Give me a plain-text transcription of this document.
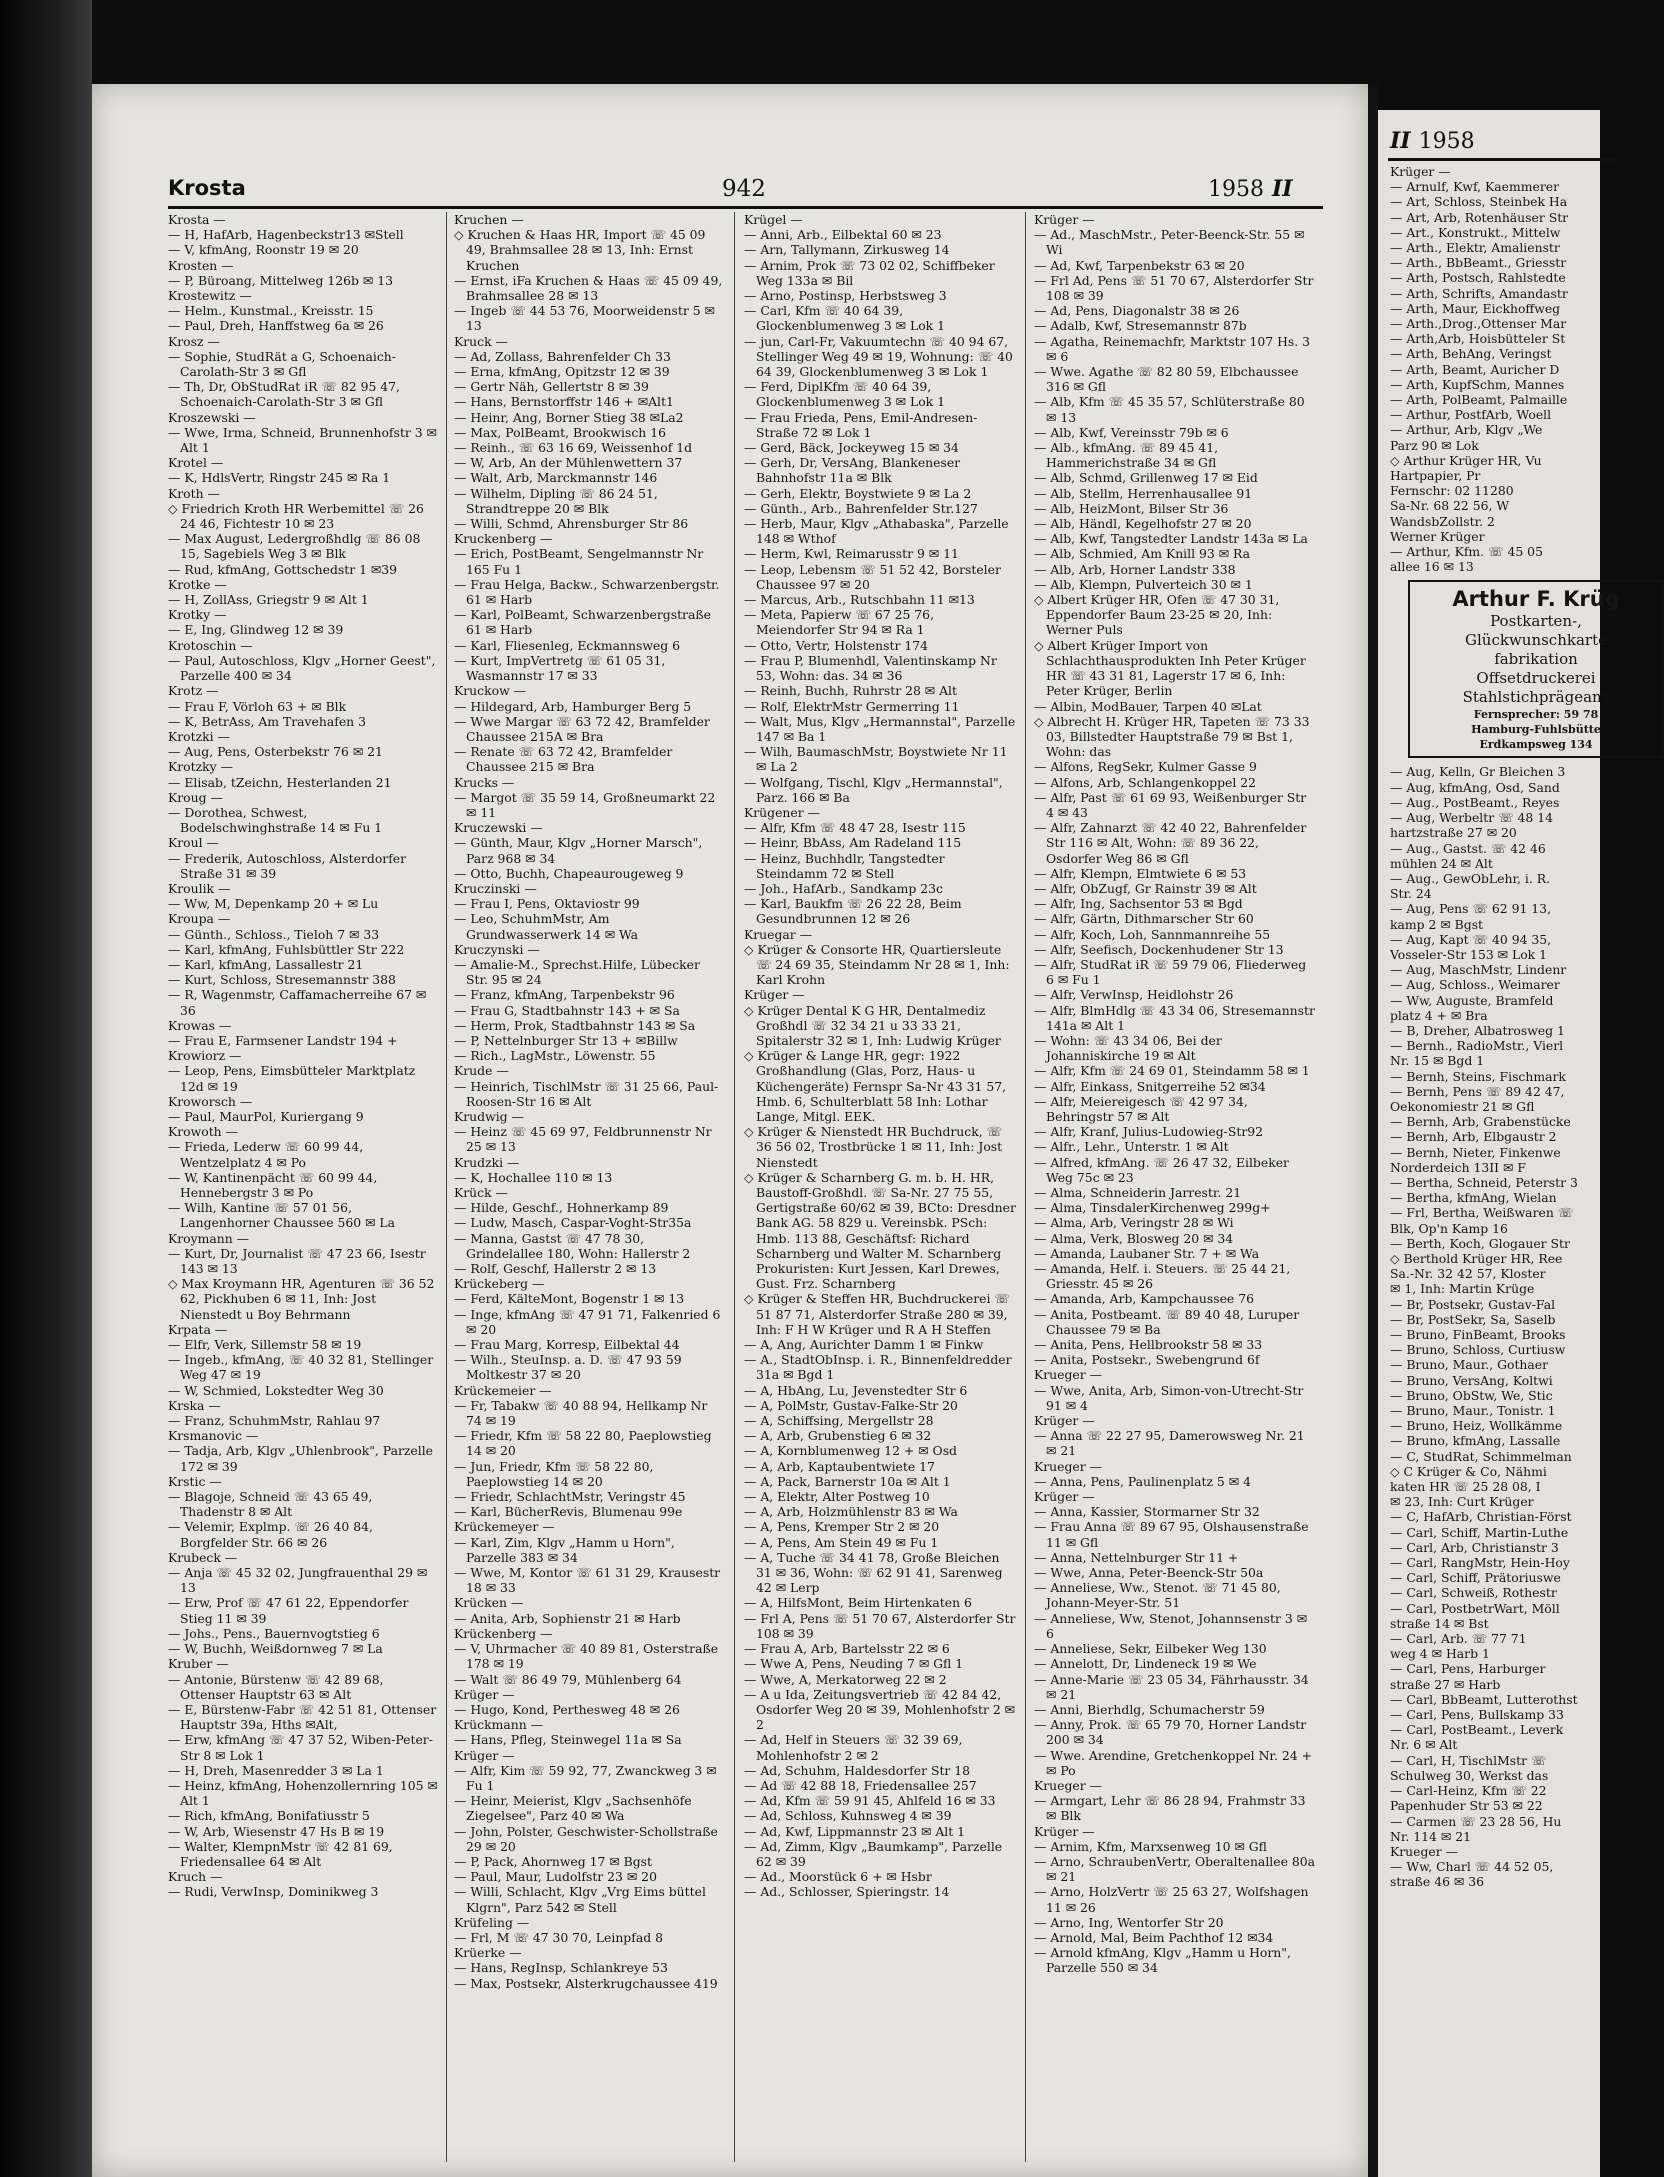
Krosta	942	1958 II

Krosta —

— H, HafArb, Hagenbeckstr13 ✉Stell

— V, kfmAng, Roonstr 19 ✉ 20

Krosten —

— P, Büroang, Mittelweg 126b ✉ 13

Krostewitz —

— Helm., Kunstmal., Kreisstr. 15

— Paul, Dreh, Hanffstweg 6a ✉ 26

Krosz —

— Sophie, StudRät a G, Schoenaich-Carolath-Str 3 ✉ Gfl

— Th, Dr, ObStudRat iR ☏ 82 95 47, Schoenaich-Carolath-Str 3 ✉ Gfl

Kroszewski —

— Wwe, Irma, Schneid, Brunnenhofstr 3 ✉ Alt 1

Krotel —

— K, HdlsVertr, Ringstr 245 ✉ Ra 1

Kroth —

◇ Friedrich Kroth HR Werbemittel ☏ 26 24 46, Fichtestr 10 ✉ 23

— Max August, Ledergroßhdlg ☏ 86 08 15, Sagebiels Weg 3 ✉ Blk

— Rud, kfmAng, Gottschedstr 1 ✉39

Krotke —

— H, ZollAss, Griegstr 9 ✉ Alt 1

Krotky —

— E, Ing, Glindweg 12 ✉ 39

Krotoschin —

— Paul, Autoschloss, Klgv „Horner Geest", Parzelle 400 ✉ 34

Krotz —

— Frau F, Vörloh 63 + ✉ Blk

— K, BetrAss, Am Travehafen 3

Krotzki —

— Aug, Pens, Osterbekstr 76 ✉ 21

Krotzky —

— Elisab, tZeichn, Hesterlanden 21

Kroug —

— Dorothea, Schwest, Bodelschwinghstraße 14 ✉ Fu 1

Kroul —

— Frederik, Autoschloss, Alsterdorfer Straße 31 ✉ 39

Kroulik —

— Ww, M, Depenkamp 20 + ✉ Lu

Kroupa —

— Günth., Schloss., Tieloh 7 ✉ 33

— Karl, kfmAng, Fuhlsbüttler Str 222

— Karl, kfmAng, Lassallestr 21

— Kurt, Schloss, Stresemannstr 388

— R, Wagenmstr, Caffamacherreihe 67 ✉ 36

Krowas —

— Frau E, Farmsener Landstr 194 +

Krowiorz —

— Leop, Pens, Eimsbütteler Marktplatz 12d ✉ 19

Kroworsch —

— Paul, MaurPol, Kuriergang 9

Krowoth —

— Frieda, Lederw ☏ 60 99 44, Wentzelplatz 4 ✉ Po

— W, Kantinenpächt ☏ 60 99 44, Hennebergstr 3 ✉ Po

— Wilh, Kantine ☏ 57 01 56, Langenhorner Chaussee 560 ✉ La

Kroymann —

— Kurt, Dr, Journalist ☏ 47 23 66, Isestr 143 ✉ 13

◇ Max Kroymann HR, Agenturen ☏ 36 52 62, Pickhuben 6 ✉ 11, Inh: Jost Nienstedt u Boy Behrmann

Krpata —

— Elfr, Verk, Sillemstr 58 ✉ 19

— Ingeb., kfmAng, ☏ 40 32 81, Stellinger Weg 47 ✉ 19

— W, Schmied, Lokstedter Weg 30

Krska —

— Franz, SchuhmMstr, Rahlau 97

Krsmanovic —

— Tadja, Arb, Klgv „Uhlenbrook", Parzelle 172 ✉ 39

Krstic —

— Blagoje, Schneid ☏ 43 65 49, Thadenstr 8 ✉ Alt

— Velemir, Explmp. ☏ 26 40 84, Borgfelder Str. 66 ✉ 26

Krubeck —

— Anja ☏ 45 32 02, Jungfrauenthal 29 ✉ 13

— Erw, Prof ☏ 47 61 22, Eppendorfer Stieg 11 ✉ 39

— Johs., Pens., Bauernvogtstieg 6

— W, Buchh, Weißdornweg 7 ✉ La

Kruber —

— Antonie, Bürstenw ☏ 42 89 68, Ottenser Hauptstr 63 ✉ Alt

— E, Bürstenw-Fabr ☏ 42 51 81, Ottenser Hauptstr 39a, Hths ✉Alt,

— Erw, kfmAng ☏ 47 37 52, Wiben-Peter-Str 8 ✉ Lok 1

— H, Dreh, Masenredder 3 ✉ La 1

— Heinz, kfmAng, Hohenzollernring 105 ✉ Alt 1

— Rich, kfmAng, Bonifatiusstr 5

— W, Arb, Wiesenstr 47 Hs B ✉ 19

— Walter, KlempnMstr ☏ 42 81 69, Friedensallee 64 ✉ Alt

Kruch —

— Rudi, VerwInsp, Dominikweg 3

Kruchen —

◇ Kruchen & Haas HR, Import ☏ 45 09 49, Brahmsallee 28 ✉ 13, Inh: Ernst Kruchen

— Ernst, iFa Kruchen & Haas ☏ 45 09 49, Brahmsallee 28 ✉ 13

— Ingeb ☏ 44 53 76, Moorweidenstr 5 ✉ 13

Kruck —

— Ad, Zollass, Bahrenfelder Ch 33

— Erna, kfmAng, Opitzstr 12 ✉ 39

— Gertr Näh, Gellertstr 8 ✉ 39

— Hans, Bernstorffstr 146 + ✉Alt1

— Heinr, Ang, Borner Stieg 38 ✉La2

— Max, PolBeamt, Brookwisch 16

— Reinh., ☏ 63 16 69, Weissenhof 1d

— W, Arb, An der Mühlenwettern 37

— Walt, Arb, Marckmannstr 146

— Wilhelm, Dipling ☏ 86 24 51, Strandtreppe 20 ✉ Blk

— Willi, Schmd, Ahrensburger Str 86

Kruckenberg —

— Erich, PostBeamt, Sengelmannstr Nr 165 Fu 1

— Frau Helga, Backw., Schwarzenbergstr. 61 ✉ Harb

— Karl, PolBeamt, Schwarzenbergstraße 61 ✉ Harb

— Karl, Fliesenleg, Eckmannsweg 6

— Kurt, ImpVertretg ☏ 61 05 31, Wasmannstr 17 ✉ 33

Kruckow —

— Hildegard, Arb, Hamburger Berg 5

— Wwe Margar ☏ 63 72 42, Bramfelder Chaussee 215A ✉ Bra

— Renate ☏ 63 72 42, Bramfelder Chaussee 215 ✉ Bra

Krucks —

— Margot ☏ 35 59 14, Großneumarkt 22 ✉ 11

Kruczewski —

— Günth, Maur, Klgv „Horner Marsch", Parz 968 ✉ 34

— Otto, Buchh, Chapeaurougeweg 9

Kruczinski —

— Frau I, Pens, Oktaviostr 99

— Leo, SchuhmMstr, Am Grundwasserwerk 14 ✉ Wa

Kruczynski —

— Amalie-M., Sprechst.Hilfe, Lübecker Str. 95 ✉ 24

— Franz, kfmAng, Tarpenbekstr 96

— Frau G, Stadtbahnstr 143 + ✉ Sa

— Herm, Prok, Stadtbahnstr 143 ✉ Sa

— P, Nettelnburger Str 13 + ✉Billw

— Rich., LagMstr., Löwenstr. 55

Krude —

— Heinrich, TischlMstr ☏ 31 25 66, Paul-Roosen-Str 16 ✉ Alt

Krudwig —

— Heinz ☏ 45 69 97, Feldbrunnenstr Nr 25 ✉ 13

Krudzki —

— K, Hochallee 110 ✉ 13

Krück —

— Hilde, Geschf., Hohnerkamp 89

— Ludw, Masch, Caspar-Voght-Str35a

— Manna, Gastst ☏ 47 78 30, Grindelallee 180, Wohn: Hallerstr 2

— Rolf, Geschf, Hallerstr 2 ✉ 13

Krückeberg —

— Ferd, KälteMont, Bogenstr 1 ✉ 13

— Inge, kfmAng ☏ 47 91 71, Falkenried 6 ✉ 20

— Frau Marg, Korresp, Eilbektal 44

— Wilh., SteuInsp. a. D. ☏ 47 93 59 Moltkestr 37 ✉ 20

Krückemeier —

— Fr, Tabakw ☏ 40 88 94, Hellkamp Nr 74 ✉ 19

— Friedr, Kfm ☏ 58 22 80, Paeplowstieg 14 ✉ 20

— Jun, Friedr, Kfm ☏ 58 22 80, Paeplowstieg 14 ✉ 20

— Friedr, SchlachtMstr, Veringstr 45

— Karl, BücherRevis, Blumenau 99e

Krückemeyer —

— Karl, Zim, Klgv „Hamm u Horn", Parzelle 383 ✉ 34

— Wwe, M, Kontor ☏ 61 31 29, Krausestr 18 ✉ 33

Krücken —

— Anita, Arb, Sophienstr 21 ✉ Harb

Krückenberg —

— V, Uhrmacher ☏ 40 89 81, Osterstraße 178 ✉ 19

— Walt ☏ 86 49 79, Mühlenberg 64

Krüger —

— Hugo, Kond, Perthesweg 48 ✉ 26

Krückmann —

— Hans, Pfleg, Steinwegel 11a ✉ Sa

Krüger —

— Alfr, Kim ☏ 59 92, 77, Zwanckweg 3 ✉ Fu 1

— Heinr, Meierist, Klgv „Sachsenhöfe Ziegelsee", Parz 40 ✉ Wa

— John, Polster, Geschwister-Schollstraße 29 ✉ 20

— P, Pack, Ahornweg 17 ✉ Bgst

— Paul, Maur, Ludolfstr 23 ✉ 20

— Willi, Schlacht, Klgv „Vrg Eims büttel Klgrn", Parz 542 ✉ Stell

Krüfeling —

— Frl, M ☏ 47 30 70, Leinpfad 8

Krüerke —

— Hans, RegInsp, Schlankreye 53

— Max, Postsekr, Alsterkrugchaussee 419

Krügel —

— Anni, Arb., Eilbektal 60 ✉ 23

— Arn, Tallymann, Zirkusweg 14

— Arnim, Prok ☏ 73 02 02, Schiffbeker Weg 133a ✉ Bil

— Arno, Postinsp, Herbstsweg 3

— Carl, Kfm ☏ 40 64 39, Glockenblumenweg 3 ✉ Lok 1

— jun, Carl-Fr, Vakuumtechn ☏ 40 94 67, Stellinger Weg 49 ✉ 19, Wohnung: ☏ 40 64 39, Glockenblumenweg 3 ✉ Lok 1

— Ferd, DiplKfm ☏ 40 64 39, Glockenblumenweg 3 ✉ Lok 1

— Frau Frieda, Pens, Emil-Andresen-Straße 72 ✉ Lok 1

— Gerd, Bäck, Jockeyweg 15 ✉ 34

— Gerh, Dr, VersAng, Blankeneser Bahnhofstr 11a ✉ Blk

— Gerh, Elektr, Boystwiete 9 ✉ La 2

— Günth., Arb., Bahrenfelder Str.127

— Herb, Maur, Klgv „Athabaska", Parzelle 148 ✉ Wthof

— Herm, Kwl, Reimarusstr 9 ✉ 11

— Leop, Lebensm ☏ 51 52 42, Borsteler Chaussee 97 ✉ 20

— Marcus, Arb., Rutschbahn 11 ✉13

— Meta, Papierw ☏ 67 25 76, Meiendorfer Str 94 ✉ Ra 1

— Otto, Vertr, Holstenstr 174

— Frau P, Blumenhdl, Valentinskamp Nr 53, Wohn: das. 34 ✉ 36

— Reinh, Buchh, Ruhrstr 28 ✉ Alt

— Rolf, ElektrMstr Germerring 11

— Walt, Mus, Klgv „Hermannstal", Parzelle 147 ✉ Ba 1

— Wilh, BaumaschMstr, Boystwiete Nr 11 ✉ La 2

— Wolfgang, Tischl, Klgv „Hermannstal", Parz. 166 ✉ Ba

Krügener —

— Alfr, Kfm ☏ 48 47 28, Isestr 115

— Heinr, BbAss, Am Radeland 115

— Heinz, Buchhdlr, Tangstedter Steindamm 72 ✉ Stell

— Joh., HafArb., Sandkamp 23c

— Karl, Baukfm ☏ 26 22 28, Beim Gesundbrunnen 12 ✉ 26

Kruegar —

◇ Krüger & Consorte HR, Quartiersleute ☏ 24 69 35, Steindamm Nr 28 ✉ 1, Inh: Karl Krohn

Krüger —

◇ Krüger Dental K G HR, Dentalmediz Großhdl ☏ 32 34 21 u 33 33 21, Spitalerstr 32 ✉ 1, Inh: Ludwig Krüger

◇ Krüger & Lange HR, gegr: 1922 Großhandlung (Glas, Porz, Haus- u Küchengeräte) Fernspr Sa-Nr 43 31 57, Hmb. 6, Schulterblatt 58 Inh: Lothar Lange, Mitgl. EEK.

◇ Krüger & Nienstedt HR Buchdruck, ☏ 36 56 02, Trostbrücke 1 ✉ 11, Inh: Jost Nienstedt

◇ Krüger & Scharnberg G. m. b. H. HR, Baustoff-Großhdl. ☏ Sa-Nr. 27 75 55, Gertigstraße 60/62 ✉ 39, BCto: Dresdner Bank AG. 58 829 u. Vereinsbk. PSch: Hmb. 113 88, Geschäftsf: Richard Scharnberg und Walter M. Scharnberg Prokuristen: Kurt Jessen, Karl Drewes, Gust. Frz. Scharnberg

◇ Krüger & Steffen HR, Buchdruckerei ☏ 51 87 71, Alsterdorfer Straße 280 ✉ 39, Inh: F H W Krüger und R A H Steffen

— A, Ang, Aurichter Damm 1 ✉ Finkw

— A., StadtObInsp. i. R., Binnenfeldredder 31a ✉ Bgd 1

— A, HbAng, Lu, Jevenstedter Str 6

— A, PolMstr, Gustav-Falke-Str 20

— A, Schiffsing, Mergellstr 28

— A, Arb, Grubenstieg 6 ✉ 32

— A, Kornblumenweg 12 + ✉ Osd

— A, Arb, Kaptaubentwiete 17

— A, Pack, Barnerstr 10a ✉ Alt 1

— A, Elektr, Alter Postweg 10

— A, Arb, Holzmühlenstr 83 ✉ Wa

— A, Pens, Kremper Str 2 ✉ 20

— A, Pens, Am Stein 49 ✉ Fu 1

— A, Tuche ☏ 34 41 78, Große Bleichen 31 ✉ 36, Wohn: ☏ 62 91 41, Sarenweg 42 ✉ Lerp

— A, HilfsMont, Beim Hirtenkaten 6

— Frl A, Pens ☏ 51 70 67, Alsterdorfer Str 108 ✉ 39

— Frau A, Arb, Bartelsstr 22 ✉ 6

— Wwe A, Pens, Neuding 7 ✉ Gfl 1

— Wwe, A, Merkatorweg 22 ✉ 2

— A u Ida, Zeitungsvertrieb ☏ 42 84 42, Osdorfer Weg 20 ✉ 39, Mohlenhofstr 2 ✉ 2

— Ad, Helf in Steuers ☏ 32 39 69, Mohlenhofstr 2 ✉ 2

— Ad, Schuhm, Haldesdorfer Str 18

— Ad ☏ 42 88 18, Friedensallee 257

— Ad, Kfm ☏ 59 91 45, Ahlfeld 16 ✉ 33

— Ad, Schloss, Kuhnsweg 4 ✉ 39

— Ad, Kwf, Lippmannstr 23 ✉ Alt 1

— Ad, Zimm, Klgv „Baumkamp", Parzelle 62 ✉ 39

— Ad., Moorstück 6 + ✉ Hsbr

— Ad., Schlosser, Spieringstr. 14

Krüger —

— Ad., MaschMstr., Peter-Beenck-Str. 55 ✉ Wi

— Ad, Kwf, Tarpenbekstr 63 ✉ 20

— Frl Ad, Pens ☏ 51 70 67, Alsterdorfer Str 108 ✉ 39

— Ad, Pens, Diagonalstr 38 ✉ 26

— Adalb, Kwf, Stresemannstr 87b

— Agatha, Reinemachfr, Marktstr 107 Hs. 3 ✉ 6

— Wwe. Agathe ☏ 82 80 59, Elbchaussee 316 ✉ Gfl

— Alb, Kfm ☏ 45 35 57, Schlüterstraße 80 ✉ 13

— Alb, Kwf, Vereinsstr 79b ✉ 6

— Alb., kfmAng. ☏ 89 45 41, Hammerichstraße 34 ✉ Gfl

— Alb, Schmd, Grillenweg 17 ✉ Eid

— Alb, Stellm, Herrenhausallee 91

— Alb, HeizMont, Bilser Str 36

— Alb, Händl, Kegelhofstr 27 ✉ 20

— Alb, Kwf, Tangstedter Landstr 143a ✉ La

— Alb, Schmied, Am Knill 93 ✉ Ra

— Alb, Arb, Horner Landstr 338

— Alb, Klempn, Pulverteich 30 ✉ 1

◇ Albert Krüger HR, Ofen ☏ 47 30 31, Eppendorfer Baum 23-25 ✉ 20, Inh: Werner Puls

◇ Albert Krüger Import von Schlachthausprodukten Inh Peter Krüger HR ☏ 43 31 81, Lagerstr 17 ✉ 6, Inh: Peter Krüger, Berlin

— Albin, ModBauer, Tarpen 40 ✉Lat

◇ Albrecht H. Krüger HR, Tapeten ☏ 73 33 03, Billstedter Hauptstraße 79 ✉ Bst 1, Wohn: das

— Alfons, RegSekr, Kulmer Gasse 9

— Alfons, Arb, Schlangenkoppel 22

— Alfr, Past ☏ 61 69 93, Weißenburger Str 4 ✉ 43

— Alfr, Zahnarzt ☏ 42 40 22, Bahrenfelder Str 116 ✉ Alt, Wohn: ☏ 89 36 22, Osdorfer Weg 86 ✉ Gfl

— Alfr, Klempn, Elmtwiete 6 ✉ 53

— Alfr, ObZugf, Gr Rainstr 39 ✉ Alt

— Alfr, Ing, Sachsentor 53 ✉ Bgd

— Alfr, Gärtn, Dithmarscher Str 60

— Alfr, Koch, Loh, Sannmannreihe 55

— Alfr, Seefisch, Dockenhudener Str 13

— Alfr, StudRat iR ☏ 59 79 06, Fliederweg 6 ✉ Fu 1

— Alfr, VerwInsp, Heidlohstr 26

— Alfr, BlmHdlg ☏ 43 34 06, Stresemannstr 141a ✉ Alt 1

— Wohn: ☏ 43 34 06, Bei der Johanniskirche 19 ✉ Alt

— Alfr, Kfm ☏ 24 69 01, Steindamm 58 ✉ 1

— Alfr, Einkass, Snitgerreihe 52 ✉34

— Alfr, Meiereigesch ☏ 42 97 34, Behringstr 57 ✉ Alt

— Alfr, Kranf, Julius-Ludowieg-Str92

— Alfr., Lehr., Unterstr. 1 ✉ Alt

— Alfred, kfmAng. ☏ 26 47 32, Eilbeker Weg 75c ✉ 23

— Alma, Schneiderin Jarrestr. 21

— Alma, TinsdalerKirchenweg 299g+

— Alma, Arb, Veringstr 28 ✉ Wi

— Alma, Verk, Blosweg 20 ✉ 34

— Amanda, Laubaner Str. 7 + ✉ Wa

— Amanda, Helf. i. Steuers. ☏ 25 44 21, Griesstr. 45 ✉ 26

— Amanda, Arb, Kampchaussee 76

— Anita, Postbeamt. ☏ 89 40 48, Luruper Chaussee 79 ✉ Ba

— Anita, Pens, Hellbrookstr 58 ✉ 33

— Anita, Postsekr., Swebengrund 6f

Krueger —

— Wwe, Anita, Arb, Simon-von-Utrecht-Str 91 ✉ 4

Krüger —

— Anna ☏ 22 27 95, Damerowsweg Nr. 21 ✉ 21

Krueger —

— Anna, Pens, Paulinenplatz 5 ✉ 4

Krüger —

— Anna, Kassier, Stormarner Str 32

— Frau Anna ☏ 89 67 95, Olshausenstraße 11 ✉ Gfl

— Anna, Nettelnburger Str 11 +

— Wwe, Anna, Peter-Beenck-Str 50a

— Anneliese, Ww., Stenot. ☏ 71 45 80, Johann-Meyer-Str. 51

— Anneliese, Ww, Stenot, Johannsenstr 3 ✉ 6

— Anneliese, Sekr, Eilbeker Weg 130

— Annelott, Dr, Lindeneck 19 ✉ We

— Anne-Marie ☏ 23 05 34, Fährhausstr. 34 ✉ 21

— Anni, Bierhdlg, Schumacherstr 59

— Anny, Prok. ☏ 65 79 70, Horner Landstr 200 ✉ 34

— Wwe. Arendine, Gretchenkoppel Nr. 24 + ✉ Po

Krueger —

— Armgart, Lehr ☏ 86 28 94, Frahmstr 33 ✉ Blk

Krüger —

— Arnim, Kfm, Marxsenweg 10 ✉ Gfl

— Arno, SchraubenVertr, Oberaltenallee 80a ✉ 21

— Arno, HolzVertr ☏ 25 63 27, Wolfshagen 11 ✉ 26

— Arno, Ing, Wentorfer Str 20

— Arnold, Mal, Beim Pachthof 12 ✉34

— Arnold kfmAng, Klgv „Hamm u Horn", Parzelle 550 ✉ 34

II 1958
Krüger —
— Arnulf, Kwf, Kaemmerer
— Art, Schloss, Steinbek Ha
— Art, Arb, Rotenhäuser Str
— Art., Konstrukt., Mittelw
— Arth., Elektr, Amalienstr
— Arth., BbBeamt., Griesstr
— Arth, Postsch, Rahlstedte
— Arth, Schrifts, Amandastr
— Arth, Maur, Eickhoffweg
— Arth.,Drog.,Ottenser Mar
— Arth,Arb, Hoisbütteler St
— Arth, BehAng, Veringst
— Arth, Beamt, Auricher D
— Arth, KupfSchm, Mannes
— Arth, PolBeamt, Palmaille
— Arthur, PostfArb, Woell
— Arthur, Arb, Klgv „We
Parz 90 ✉ Lok
◇ Arthur Krüger HR, Vu
Hartpapier, Pr
Fernschr: 02 11280
Sa-Nr. 68 22 56, W
WandsbZollstr. 2
Werner Krüger
— Arthur, Kfm. ☏ 45 05
allee 16 ✉ 13
Arthur F. Krüg
Postkarten-,
Glückwunschkarte
fabrikation
Offsetdruckerei
Stahlstichprägeans
Fernsprecher: 59 78
Hamburg-Fuhlsbütte
Erdkampsweg 134
— Aug, Kelln, Gr Bleichen 3
— Aug, kfmAng, Osd, Sand
— Aug., PostBeamt., Reyes
— Aug, Werbeltr ☏ 48 14
hartzstraße 27 ✉ 20
— Aug., Gastst. ☏ 42 46
mühlen 24 ✉ Alt
— Aug., GewObLehr, i. R.
Str. 24
— Aug, Pens ☏ 62 91 13,
kamp 2 ✉ Bgst
— Aug, Kapt ☏ 40 94 35,
Vosseler-Str 153 ✉ Lok 1
— Aug, MaschMstr, Lindenr
— Aug, Schloss., Weimarer
— Ww, Auguste, Bramfeld
platz 4 + ✉ Bra
— B, Dreher, Albatrosweg 1
— Bernh., RadioMstr., Vierl
Nr. 15 ✉ Bgd 1
— Bernh, Steins, Fischmark
— Bernh, Pens ☏ 89 42 47,
Oekonomiestr 21 ✉ Gfl
— Bernh, Arb, Grabenstücke
— Bernh, Arb, Elbgaustr 2
— Bernh, Nieter, Finkenwe
Norderdeich 13II ✉ F
— Bertha, Schneid, Peterstr 3
— Bertha, kfmAng, Wielan
— Frl, Bertha, Weißwaren ☏
Blk, Op'n Kamp 16
— Berth, Koch, Glogauer Str
◇ Berthold Krüger HR, Ree
Sa.-Nr. 32 42 57, Kloster
✉ 1, Inh: Martin Krüge
— Br, Postsekr, Gustav-Fal
— Br, PostSekr, Sa, Saselb
— Bruno, FinBeamt, Brooks
— Bruno, Schloss, Curtiusw
— Bruno, Maur., Gothaer
— Bruno, VersAng, Koltwi
— Bruno, ObStw, We, Stic
— Bruno, Maur., Tonistr. 1
— Bruno, Heiz, Wollkämme
— Bruno, kfmAng, Lassalle
— C, StudRat, Schimmelman
◇ C Krüger & Co, Nähmi
katen HR ☏ 25 28 08, I
✉ 23, Inh: Curt Krüger
— C, HafArb, Christian-Först
— Carl, Schiff, Martin-Luthe
— Carl, Arb, Christianstr 3
— Carl, RangMstr, Hein-Hoy
— Carl, Schiff, Prätoriuswe
— Carl, Schweiß, Rothestr
— Carl, PostbetrWart, Möll
straße 14 ✉ Bst
— Carl, Arb. ☏ 77 71
weg 4 ✉ Harb 1
— Carl, Pens, Harburger
straße 27 ✉ Harb
— Carl, BbBeamt, Lutterothst
— Carl, Pens, Bullskamp 33
— Carl, PostBeamt., Leverk
Nr. 6 ✉ Alt
— Carl, H, TischlMstr ☏
Schulweg 30, Werkst das
— Carl-Heinz, Kfm ☏ 22
Papenhuder Str 53 ✉ 22
— Carmen ☏ 23 28 56, Hu
Nr. 114 ✉ 21
Krueger —
— Ww, Charl ☏ 44 52 05,
straße 46 ✉ 36
